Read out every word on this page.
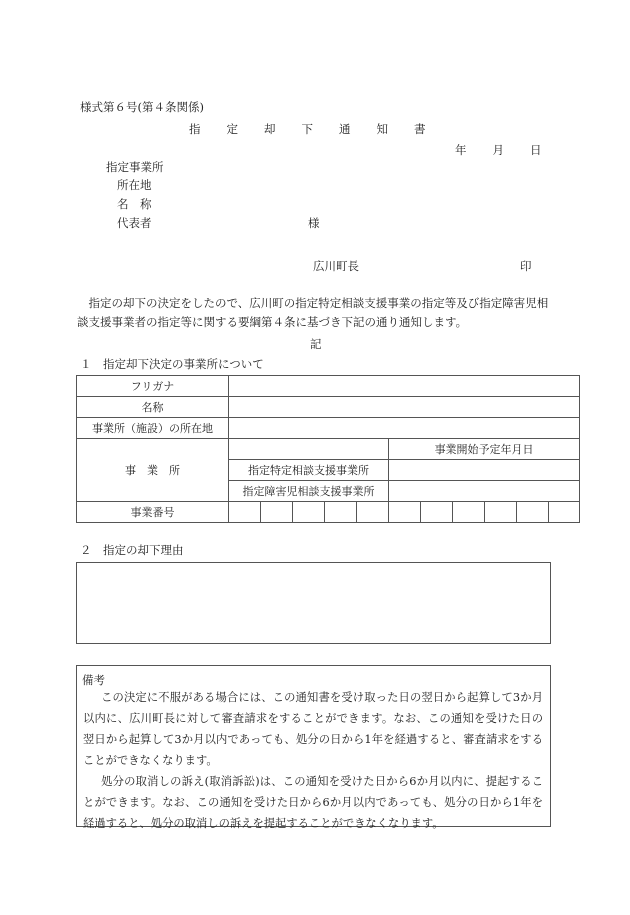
様式第６号(第４条関係)
指 定 却 下 通 知 書
年 月 日
指定事業所
所在地
名　称
代表者	様
広川町長	印
指定の却下の決定をしたので、広川町の指定特定相談支援事業の指定等及び指定障害児相談支援事業者の指定等に関する要綱第４条に基づき下記の通り通知します。
記
１　指定却下決定の事業所について
フリガナ											
名称											
事業所（施設）の所在地											
事　業　所						事業開始予定年月日					
	指定特定相談支援事業所										
	指定障害児相談支援事業所										
事業番号											
２　指定の却下理由
備考
この決定に不服がある場合には、この通知書を受け取った日の翌日から起算して3か月以内に、広川町長に対して審査請求をすることができます。なお、この通知を受けた日の翌日から起算して3か月以内であっても、処分の日から1年を経過すると、審査請求をすることができなくなります。
処分の取消しの訴え(取消訴訟)は、この通知を受けた日から6か月以内に、提起することができます。なお、この通知を受けた日から6か月以内であっても、処分の日から1年を経過すると、処分の取消しの訴えを提起することができなくなります。
